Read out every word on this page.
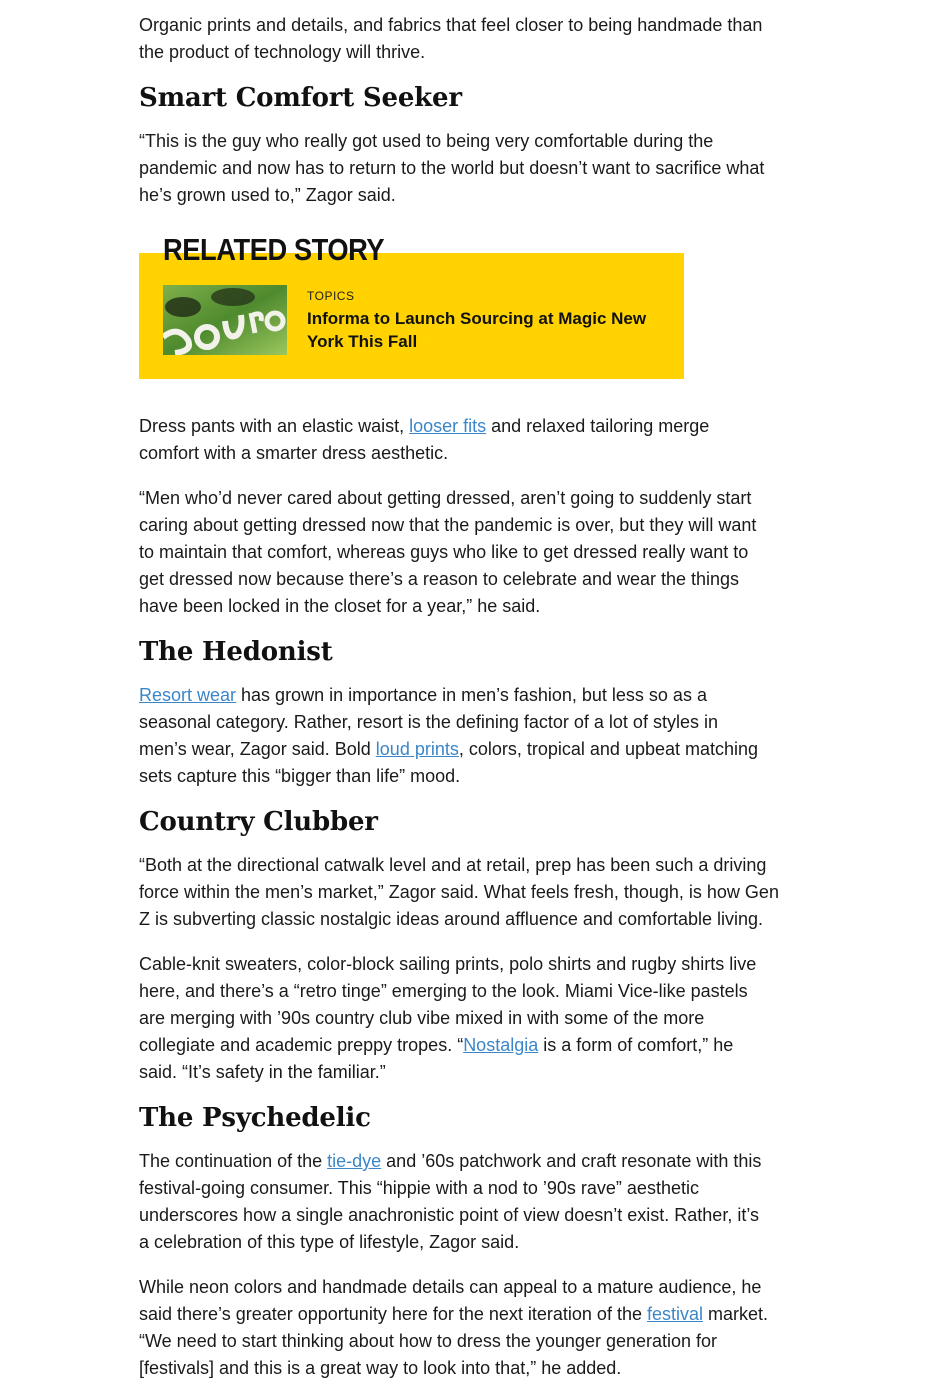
Organic prints and details, and fabrics that feel closer to being handmade than the product of technology will thrive.

Smart Comfort Seeker

“This is the guy who really got used to being very comfortable during the pandemic and now has to return to the world but doesn’t want to sacrifice what he’s grown used to,” Zagor said.

TOPICS
Informa to Launch Sourcing at Magic New York This Fall
RELATED STORY

Dress pants with an elastic waist, looser fits and relaxed tailoring merge comfort with a smarter dress aesthetic.

“Men who’d never cared about getting dressed, aren’t going to suddenly start caring about getting dressed now that the pandemic is over, but they will want to maintain that comfort, whereas guys who like to get dressed really want to get dressed now because there’s a reason to celebrate and wear the things have been locked in the closet for a year,” he said.

The Hedonist

Resort wear has grown in importance in men’s fashion, but less so as a seasonal category. Rather, resort is the defining factor of a lot of styles in men’s wear, Zagor said. Bold loud prints, colors, tropical and upbeat matching sets capture this “bigger than life” mood.

Country Clubber

“Both at the directional catwalk level and at retail, prep has been such a driving force within the men’s market,” Zagor said. What feels fresh, though, is how Gen Z is subverting classic nostalgic ideas around affluence and comfortable living.

Cable-knit sweaters, color-block sailing prints, polo shirts and rugby shirts live here, and there’s a “retro tinge” emerging to the look. Miami Vice-like pastels are merging with ’90s country club vibe mixed in with some of the more collegiate and academic preppy tropes. “Nostalgia is a form of comfort,” he said. “It’s safety in the familiar.”

The Psychedelic

The continuation of the tie-dye and ’60s patchwork and craft resonate with this festival-going consumer. This “hippie with a nod to ’90s rave” aesthetic underscores how a single anachronistic point of view doesn’t exist. Rather, it’s a celebration of this type of lifestyle, Zagor said.

While neon colors and handmade details can appeal to a mature audience, he said there’s greater opportunity here for the next iteration of the festival market. “We need to start thinking about how to dress the younger generation for [festivals] and this is a great way to look into that,” he added.
